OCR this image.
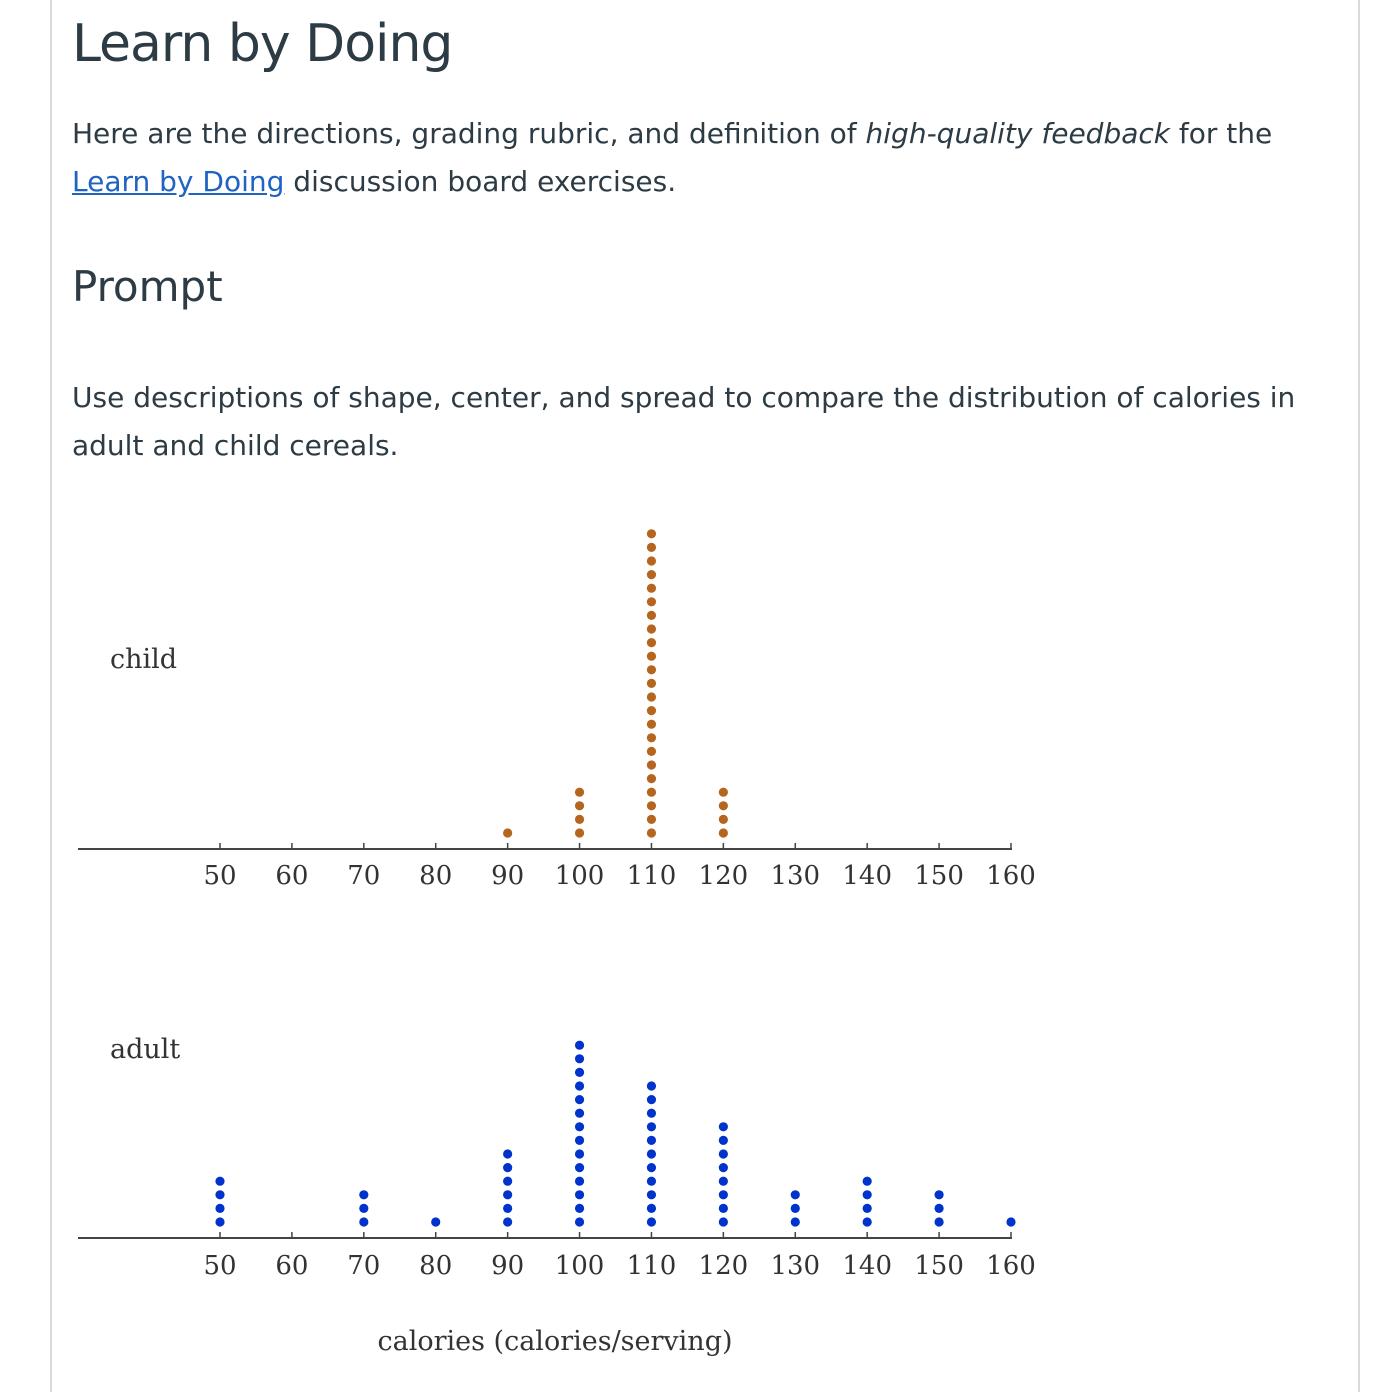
Learn by Doing

Here are the directions, grading rubric, and definition of high-quality feedback for the Learn by Doing discussion board exercises.

Prompt

Use descriptions of shape, center, and spread to compare the distribution of calories in adult and child cereals.

50 60 70 80 90 100 110 120 130 140 150 160
child
50 60 70 80 90 100 110 120 130 140 150 160
adult
calories (calories/serving)
